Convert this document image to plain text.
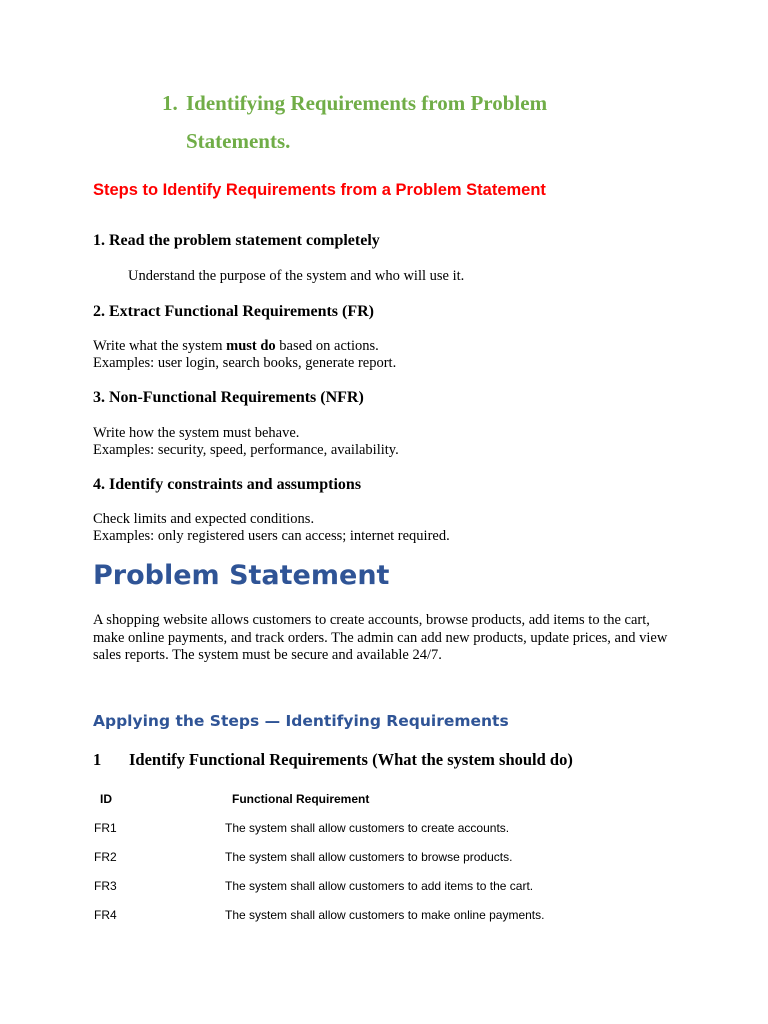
1. Identifying Requirements from Problem
Statements.
Steps to Identify Requirements from a Problem Statement
1. Read the problem statement completely

Understand the purpose of the system and who will use it.

2. Extract Functional Requirements (FR)

Write what the system must do based on actions.

Examples: user login, search books, generate report.

3. Non-Functional Requirements (NFR)

Write how the system must behave.

Examples: security, speed, performance, availability.

4. Identify constraints and assumptions

Check limits and expected conditions.

Examples: only registered users can access; internet required.

Problem Statement

A shopping website allows customers to create accounts, browse products, add items to the cart, make online payments, and track orders. The admin can add new products, update prices, and view sales reports. The system must be secure and available 24/7.

Applying the Steps — Identifying Requirements
1⃣ Identify Functional Requirements (What the system should do)
ID	Functional Requirement
FR1	The system shall allow customers to create accounts.
FR2	The system shall allow customers to browse products.
FR3	The system shall allow customers to add items to the cart.
FR4	The system shall allow customers to make online payments.
